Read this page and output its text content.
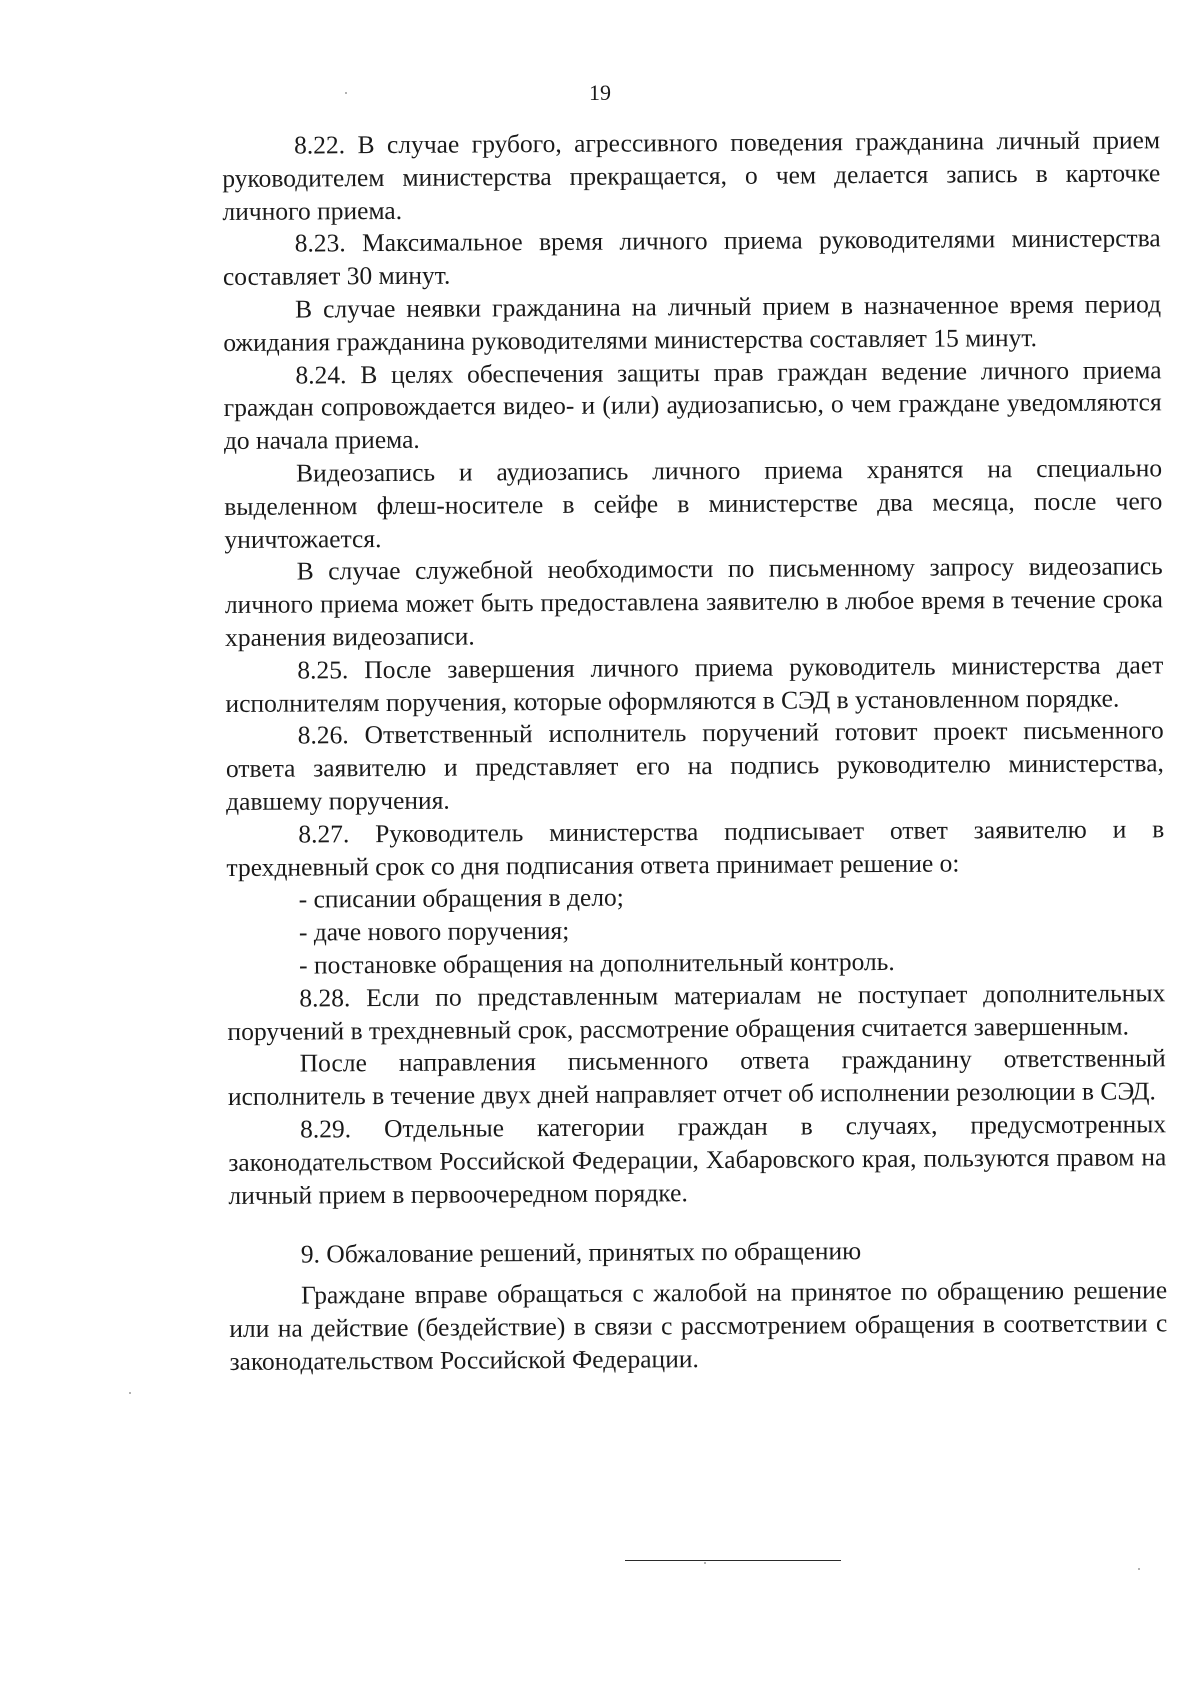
19

8.22. В случае грубого, агрессивного поведения гражданина личный прием руководителем министерства прекращается, о чем делается запись в карточке личного приема.

8.23. Максимальное время личного приема руководителями министерства составляет 30 минут.

В случае неявки гражданина на личный прием в назначенное время период ожидания гражданина руководителями министерства составляет 15 минут.

8.24. В целях обеспечения защиты прав граждан ведение личного приема граждан сопровождается видео- и (или) аудиозаписью, о чем граждане уведомляются до начала приема.

Видеозапись и аудиозапись личного приема хранятся на специально выделенном флеш-носителе в сейфе в министерстве два месяца, после чего уничтожается.

В случае служебной необходимости по письменному запросу видеозапись личного приема может быть предоставлена заявителю в любое время в течение срока хранения видеозаписи.

8.25. После завершения личного приема руководитель министерства дает исполнителям поручения, которые оформляются в СЭД в установленном порядке.

8.26. Ответственный исполнитель поручений готовит проект письменного ответа заявителю и представляет его на подпись руководителю министерства, давшему поручения.

8.27. Руководитель министерства подписывает ответ заявителю и в трехдневный срок со дня подписания ответа принимает решение о:

- списании обращения в дело;

- даче нового поручения;

- постановке обращения на дополнительный контроль.

8.28. Если по представленным материалам не поступает дополнительных поручений в трехдневный срок, рассмотрение обращения считается завершенным.

После направления письменного ответа гражданину ответственный исполнитель в течение двух дней направляет отчет об исполнении резолюции в СЭД.

8.29. Отдельные категории граждан в случаях, предусмотренных законодательством Российской Федерации, Хабаровского края, пользуются правом на личный прием в первоочередном порядке.

9. Обжалование решений, принятых по обращению

Граждане вправе обращаться с жалобой на принятое по обращению решение или на действие (бездействие) в связи с рассмотрением обращения в соответствии с законодательством Российской Федерации.
